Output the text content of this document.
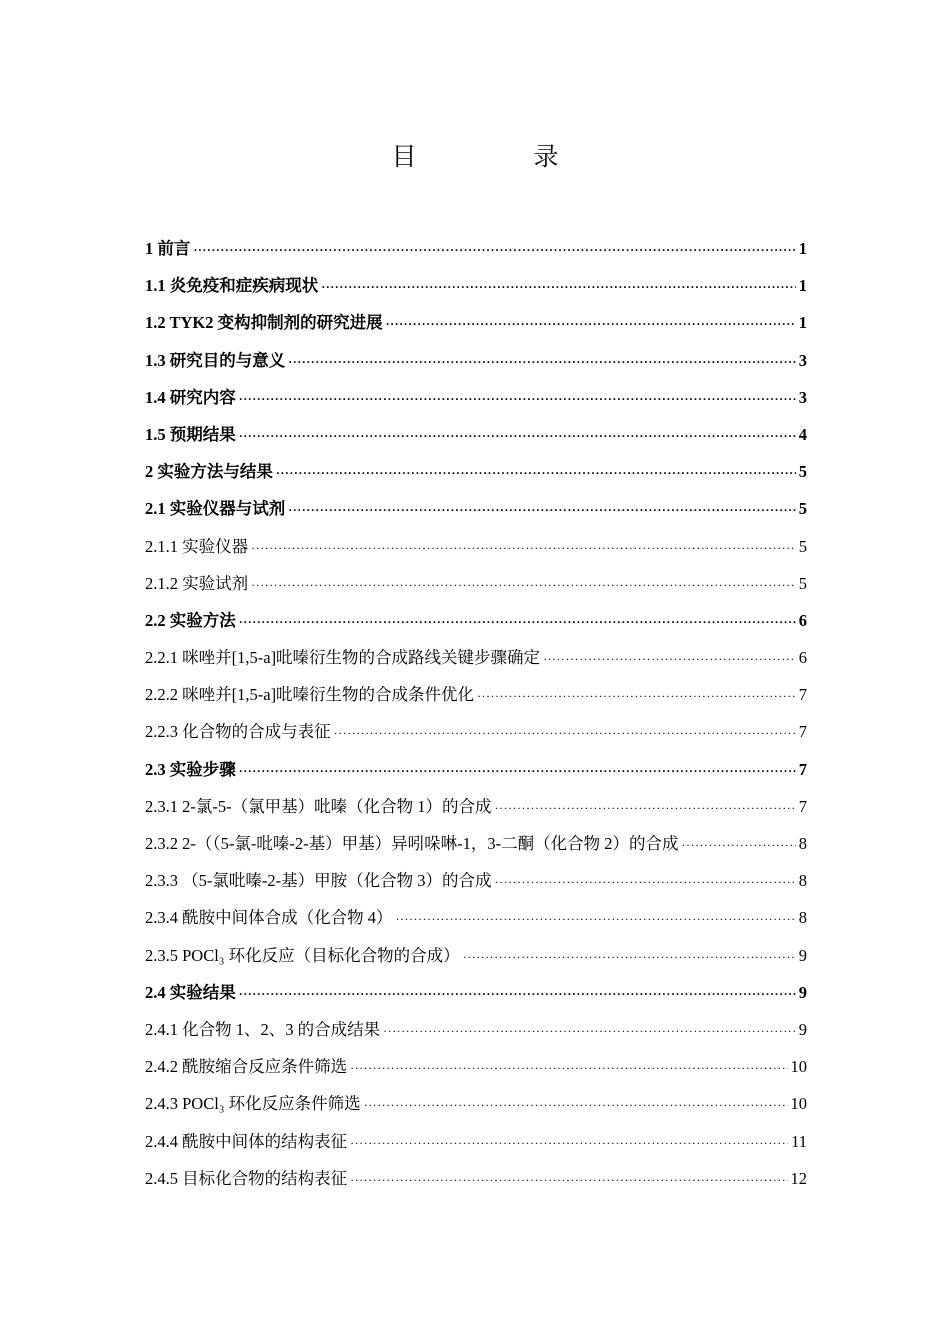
目　录
1 前言 ·····	1
1.1 炎免疫和症疾病现状 ·····	1
1.2 TYK2 变构抑制剂的研究进展 ·····	1
1.3 研究目的与意义 ·····	3
1.4 研究内容 ·····	3
1.5 预期结果 ·····	4
2 实验方法与结果 ·····	5
2.1 实验仪器与试剂 ·····	5
2.1.1 实验仪器 ·····	5
2.1.2 实验试剂 ·····	5
2.2 实验方法 ·····	6
2.2.1 咪唑并[1,5-a]吡嗪衍生物的合成路线关键步骤确定 ·····	6
2.2.2 咪唑并[1,5-a]吡嗪衍生物的合成条件优化 ·····	7
2.2.3 化合物的合成与表征 ·····	7
2.3 实验步骤 ·····	7
2.3.1 2-氯-5-（氯甲基）吡嗪（化合物 1）的合成 ·····	7
2.3.2 2-（（5-氯-吡嗪-2-基）甲基）异吲哚啉-1，3-二酮（化合物 2）的合成 ·····	8
2.3.3 （5-氯吡嗪-2-基）甲胺（化合物 3）的合成 ·····	8
2.3.4 酰胺中间体合成（化合物 4） ·····	8
2.3.5 POCl₃ 环化反应（目标化合物的合成） ·····	9
2.4 实验结果 ·····	9
2.4.1 化合物 1、2、3 的合成结果 ·····	9
2.4.2 酰胺缩合反应条件筛选 ·····	10
2.4.3 POCl₃ 环化反应条件筛选 ·····	10
2.4.4 酰胺中间体的结构表征 ·····	11
2.4.5 目标化合物的结构表征 ·····	12
